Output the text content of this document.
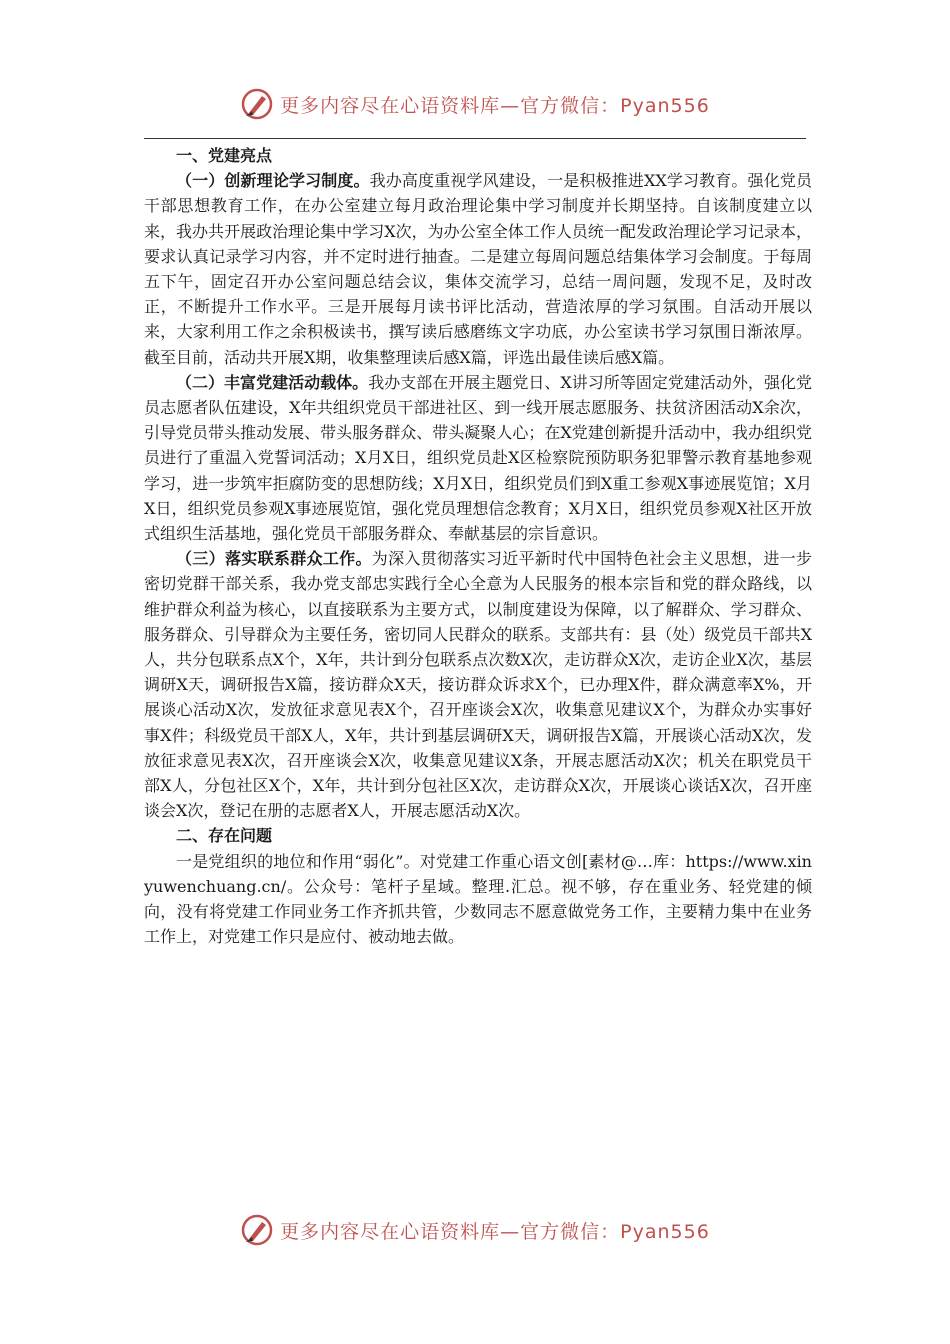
更多内容尽在心语资料库—官方微信：Pyan556

一、党建亮点

（一）创新理论学习制度。我办高度重视学风建设，一是积极推进XX学习教育。强化党员干部思想教育工作，在办公室建立每月政治理论集中学习制度并长期坚持。自该制度建立以来，我办共开展政治理论集中学习X次，为办公室全体工作人员统一配发政治理论学习记录本，要求认真记录学习内容，并不定时进行抽查。二是建立每周问题总结集体学习会制度。于每周五下午，固定召开办公室问题总结会议，集体交流学习，总结一周问题，发现不足，及时改正，不断提升工作水平。三是开展每月读书评比活动，营造浓厚的学习氛围。自活动开展以来，大家利用工作之余积极读书，撰写读后感磨练文字功底，办公室读书学习氛围日渐浓厚。截至目前，活动共开展X期，收集整理读后感X篇，评选出最佳读后感X篇。

（二）丰富党建活动载体。我办支部在开展主题党日、X讲习所等固定党建活动外，强化党员志愿者队伍建设，X年共组织党员干部进社区、到一线开展志愿服务、扶贫济困活动X余次，引导党员带头推动发展、带头服务群众、带头凝聚人心；在X党建创新提升活动中，我办组织党员进行了重温入党誓词活动；X月X日，组织党员赴X区检察院预防职务犯罪警示教育基地参观学习，进一步筑牢拒腐防变的思想防线；X月X日，组织党员们到X重工参观X事迹展览馆；X月X日，组织党员参观X事迹展览馆，强化党员理想信念教育；X月X日，组织党员参观X社区开放式组织生活基地，强化党员干部服务群众、奉献基层的宗旨意识。

（三）落实联系群众工作。为深入贯彻落实习近平新时代中国特色社会主义思想，进一步密切党群干部关系，我办党支部忠实践行全心全意为人民服务的根本宗旨和党的群众路线，以维护群众利益为核心，以直接联系为主要方式，以制度建设为保障，以了解群众、学习群众、服务群众、引导群众为主要任务，密切同人民群众的联系。支部共有：县（处）级党员干部共X人，共分包联系点X个，X年，共计到分包联系点次数X次，走访群众X次，走访企业X次，基层调研X天，调研报告X篇，接访群众X天，接访群众诉求X个，已办理X件，群众满意率X%，开展谈心活动X次，发放征求意见表X个，召开座谈会X次，收集意见建议X个，为群众办实事好事X件；科级党员干部X人，X年，共计到基层调研X天，调研报告X篇，开展谈心活动X次，发放征求意见表X次，召开座谈会X次，收集意见建议X条，开展志愿活动X次；机关在职党员干部X人，分包社区X个，X年，共计到分包社区X次，走访群众X次，开展谈心谈话X次，召开座谈会X次，登记在册的志愿者X人，开展志愿活动X次。

二、存在问题

一是党组织的地位和作用“弱化”。对党建工作重心语文创[素材@…库：https://www.xinyuwenchuang.cn/。公众号：笔杆子星域。整理.汇总。视不够，存在重业务、轻党建的倾向，没有将党建工作同业务工作齐抓共管，少数同志不愿意做党务工作，主要精力集中在业务工作上，对党建工作只是应付、被动地去做。

更多内容尽在心语资料库—官方微信：Pyan556
